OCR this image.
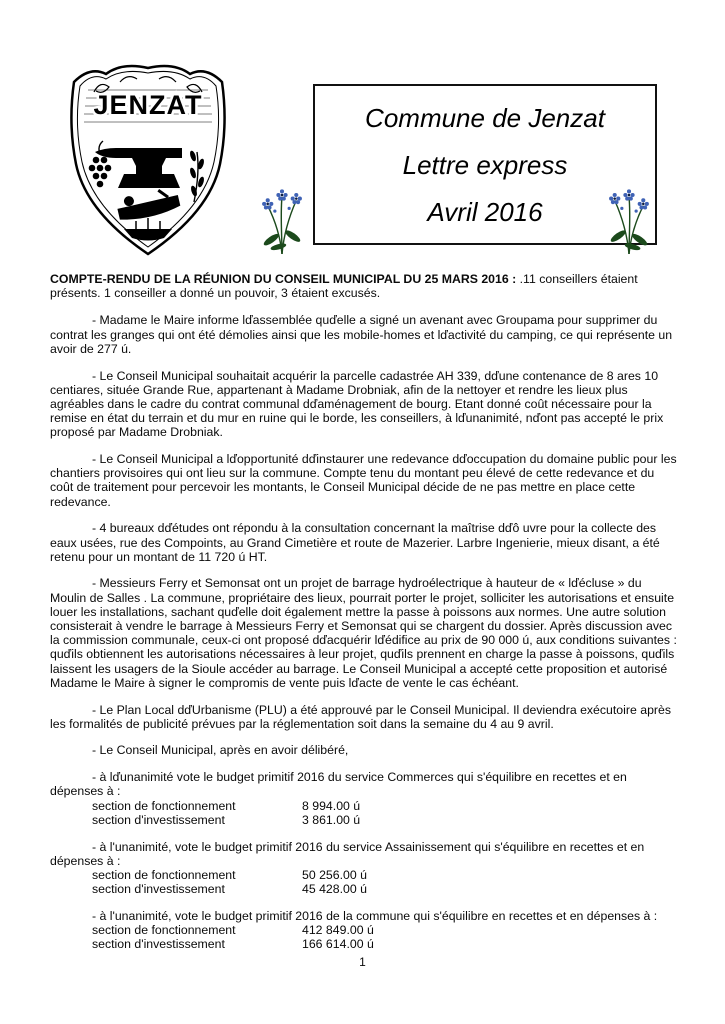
JENZAT	Commune de Jenzat
Lettre express
Avril 2016

COMPTE-RENDU DE LA RÉUNION DU CONSEIL MUNICIPAL DU 25 MARS 2016 : .11 conseillers étaient présents. 1 conseiller a donné un pouvoir, 3 étaient excusés.

- Madame le Maire informe lďassemblée quďelle a signé un avenant avec Groupama pour supprimer du contrat les granges qui ont été démolies ainsi que les mobile-homes et lďactivité du camping, ce qui représente un avoir de 277 ú.

- Le Conseil Municipal souhaitait acquérir la parcelle cadastrée AH 339, dďune contenance de 8 ares 10 centiares, située Grande Rue, appartenant à Madame Drobniak, afin de la nettoyer et rendre les lieux plus agréables dans le cadre du contrat communal dďaménagement de bourg. Etant donné coût nécessaire pour la remise en état du terrain et du mur en ruine qui le borde, les conseillers, à lďunanimité, nďont pas accepté le prix proposé par Madame Drobniak.

- Le Conseil Municipal a lďopportunité dďinstaurer une redevance dďoccupation du domaine public pour les chantiers provisoires qui ont lieu sur la commune. Compte tenu du montant peu élevé de cette redevance et du coût de traitement pour percevoir les montants, le Conseil Municipal décide de ne pas mettre en place cette redevance.

- 4 bureaux dďétudes ont répondu à la consultation concernant la maîtrise dďô uvre pour la collecte des eaux usées, rue des Compoints, au Grand Cimetière et route de Mazerier. Larbre Ingenierie, mieux disant, a été retenu pour un montant de 11 720 ú HT.

- Messieurs Ferry et Semonsat ont un projet de barrage hydroélectrique à hauteur de « lďécluse » du Moulin de Salles . La commune, propriétaire des lieux, pourrait porter le projet, solliciter les autorisations et ensuite louer les installations, sachant quďelle doit également mettre la passe à poissons aux normes. Une autre solution consisterait à vendre le barrage à Messieurs Ferry et Semonsat qui se chargent du dossier. Après discussion avec la commission communale, ceux-ci ont proposé dďacquérir lďédifice au prix de 90 000 ú, aux conditions suivantes : quďils obtiennent les autorisations nécessaires à leur projet, quďils prennent en charge la passe à poissons, quďils laissent les usagers de la Sioule accéder au barrage. Le Conseil Municipal a accepté cette proposition et autorisé Madame le Maire à signer le compromis de vente puis lďacte de vente le cas échéant.

- Le Plan Local dďUrbanisme (PLU) a été approuvé par le Conseil Municipal. Il deviendra exécutoire après les formalités de publicité prévues par la réglementation soit dans la semaine du 4 au 9 avril.

- Le Conseil Municipal, après en avoir délibéré,

- à lďunanimité vote le budget primitif 2016 du service Commerces qui s'équilibre en recettes et en dépenses à :

section de fonctionnement	8 994.00 ú
section d'investissement	3 861.00 ú

- à l'unanimité, vote le budget primitif 2016 du service Assainissement qui s'équilibre en recettes et en dépenses à :

section de fonctionnement	50 256.00 ú
section d'investissement	45 428.00 ú

- à l'unanimité, vote le budget primitif 2016 de la commune qui s'équilibre en recettes et en dépenses à :

section de fonctionnement	412 849.00 ú
section d'investissement	166 614.00 ú
1
